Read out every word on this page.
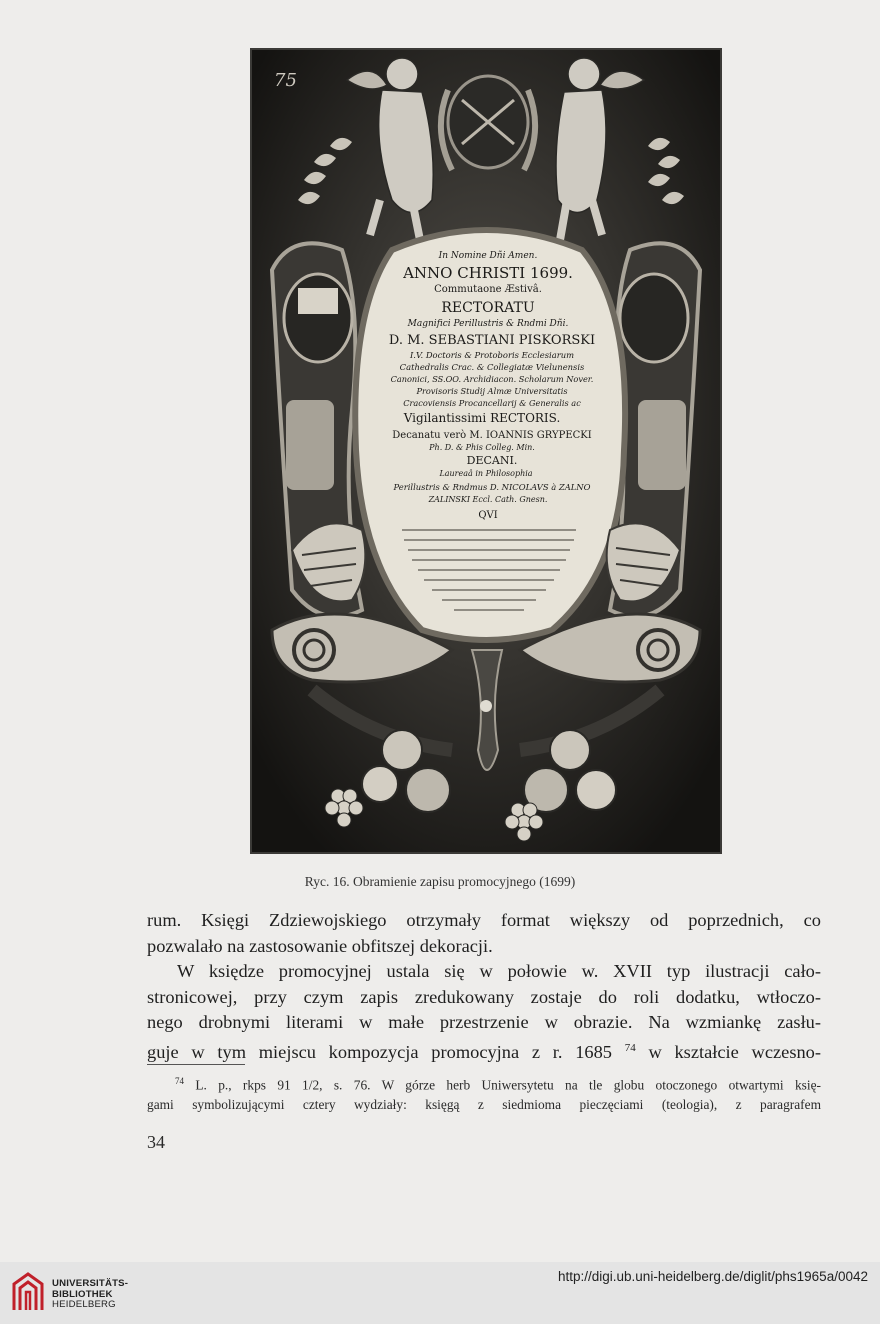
75
In Nomine Dñi Amen.
ANNO CHRISTI 1699.
Commutaone Æstivâ.
RECTORATU
Magnifici Perillustris & Rndmi Dñi.
D. M. SEBASTIANI PISKORSKI
I.V. Doctoris & Protoboris Ecclesiarum
Cathedralis Crac. & Collegiatæ Vielunensis
Canonici, SS.OO. Archidiacon. Scholarum Nover.
Provisoris Studij Almæ Universitatis
Cracoviensis Procancellarij & Generalis ac
Vigilantissimi RECTORIS.
Decanatu verò M. IOANNIS GRYPECKI
Ph. D. & Phis Colleg. Min.
DECANI.
Laureaâ in Philosophia
Perillustris & Rndmus D. NICOLAVS à ZALNO
ZALINSKI Eccl. Cath. Gnesn.
QVI
Ryc. 16. Obramienie zapisu promocyjnego (1699)
rum. Księgi Zdziewojskiego otrzymały format większy od poprzednich, co
pozwalało na zastosowanie obfitszej dekoracji.
W księdze promocyjnej ustala się w połowie w. XVII typ ilustracji cało-
stronicowej, przy czym zapis zredukowany zostaje do roli dodatku, wtłoczo-
nego drobnymi literami w małe przestrzenie w obrazie. Na wzmiankę zasłu-
guje w tym miejscu kompozycja promocyjna z r. 1685 $^{74}$ w kształcie wczesno-
$^{74}$ L. p., rkps 91 1/2, s. 76. W górze herb Uniwersytetu na tle globu otoczonego otwartymi księ-
gami symbolizującymi cztery wydziały: księgą z siedmioma pieczęciami (teologia), z paragrafem
34
UNIVERSITÄTS-
BIBLIOTHEK
HEIDELBERG
http://digi.ub.uni-heidelberg.de/diglit/phs1965a/0042
